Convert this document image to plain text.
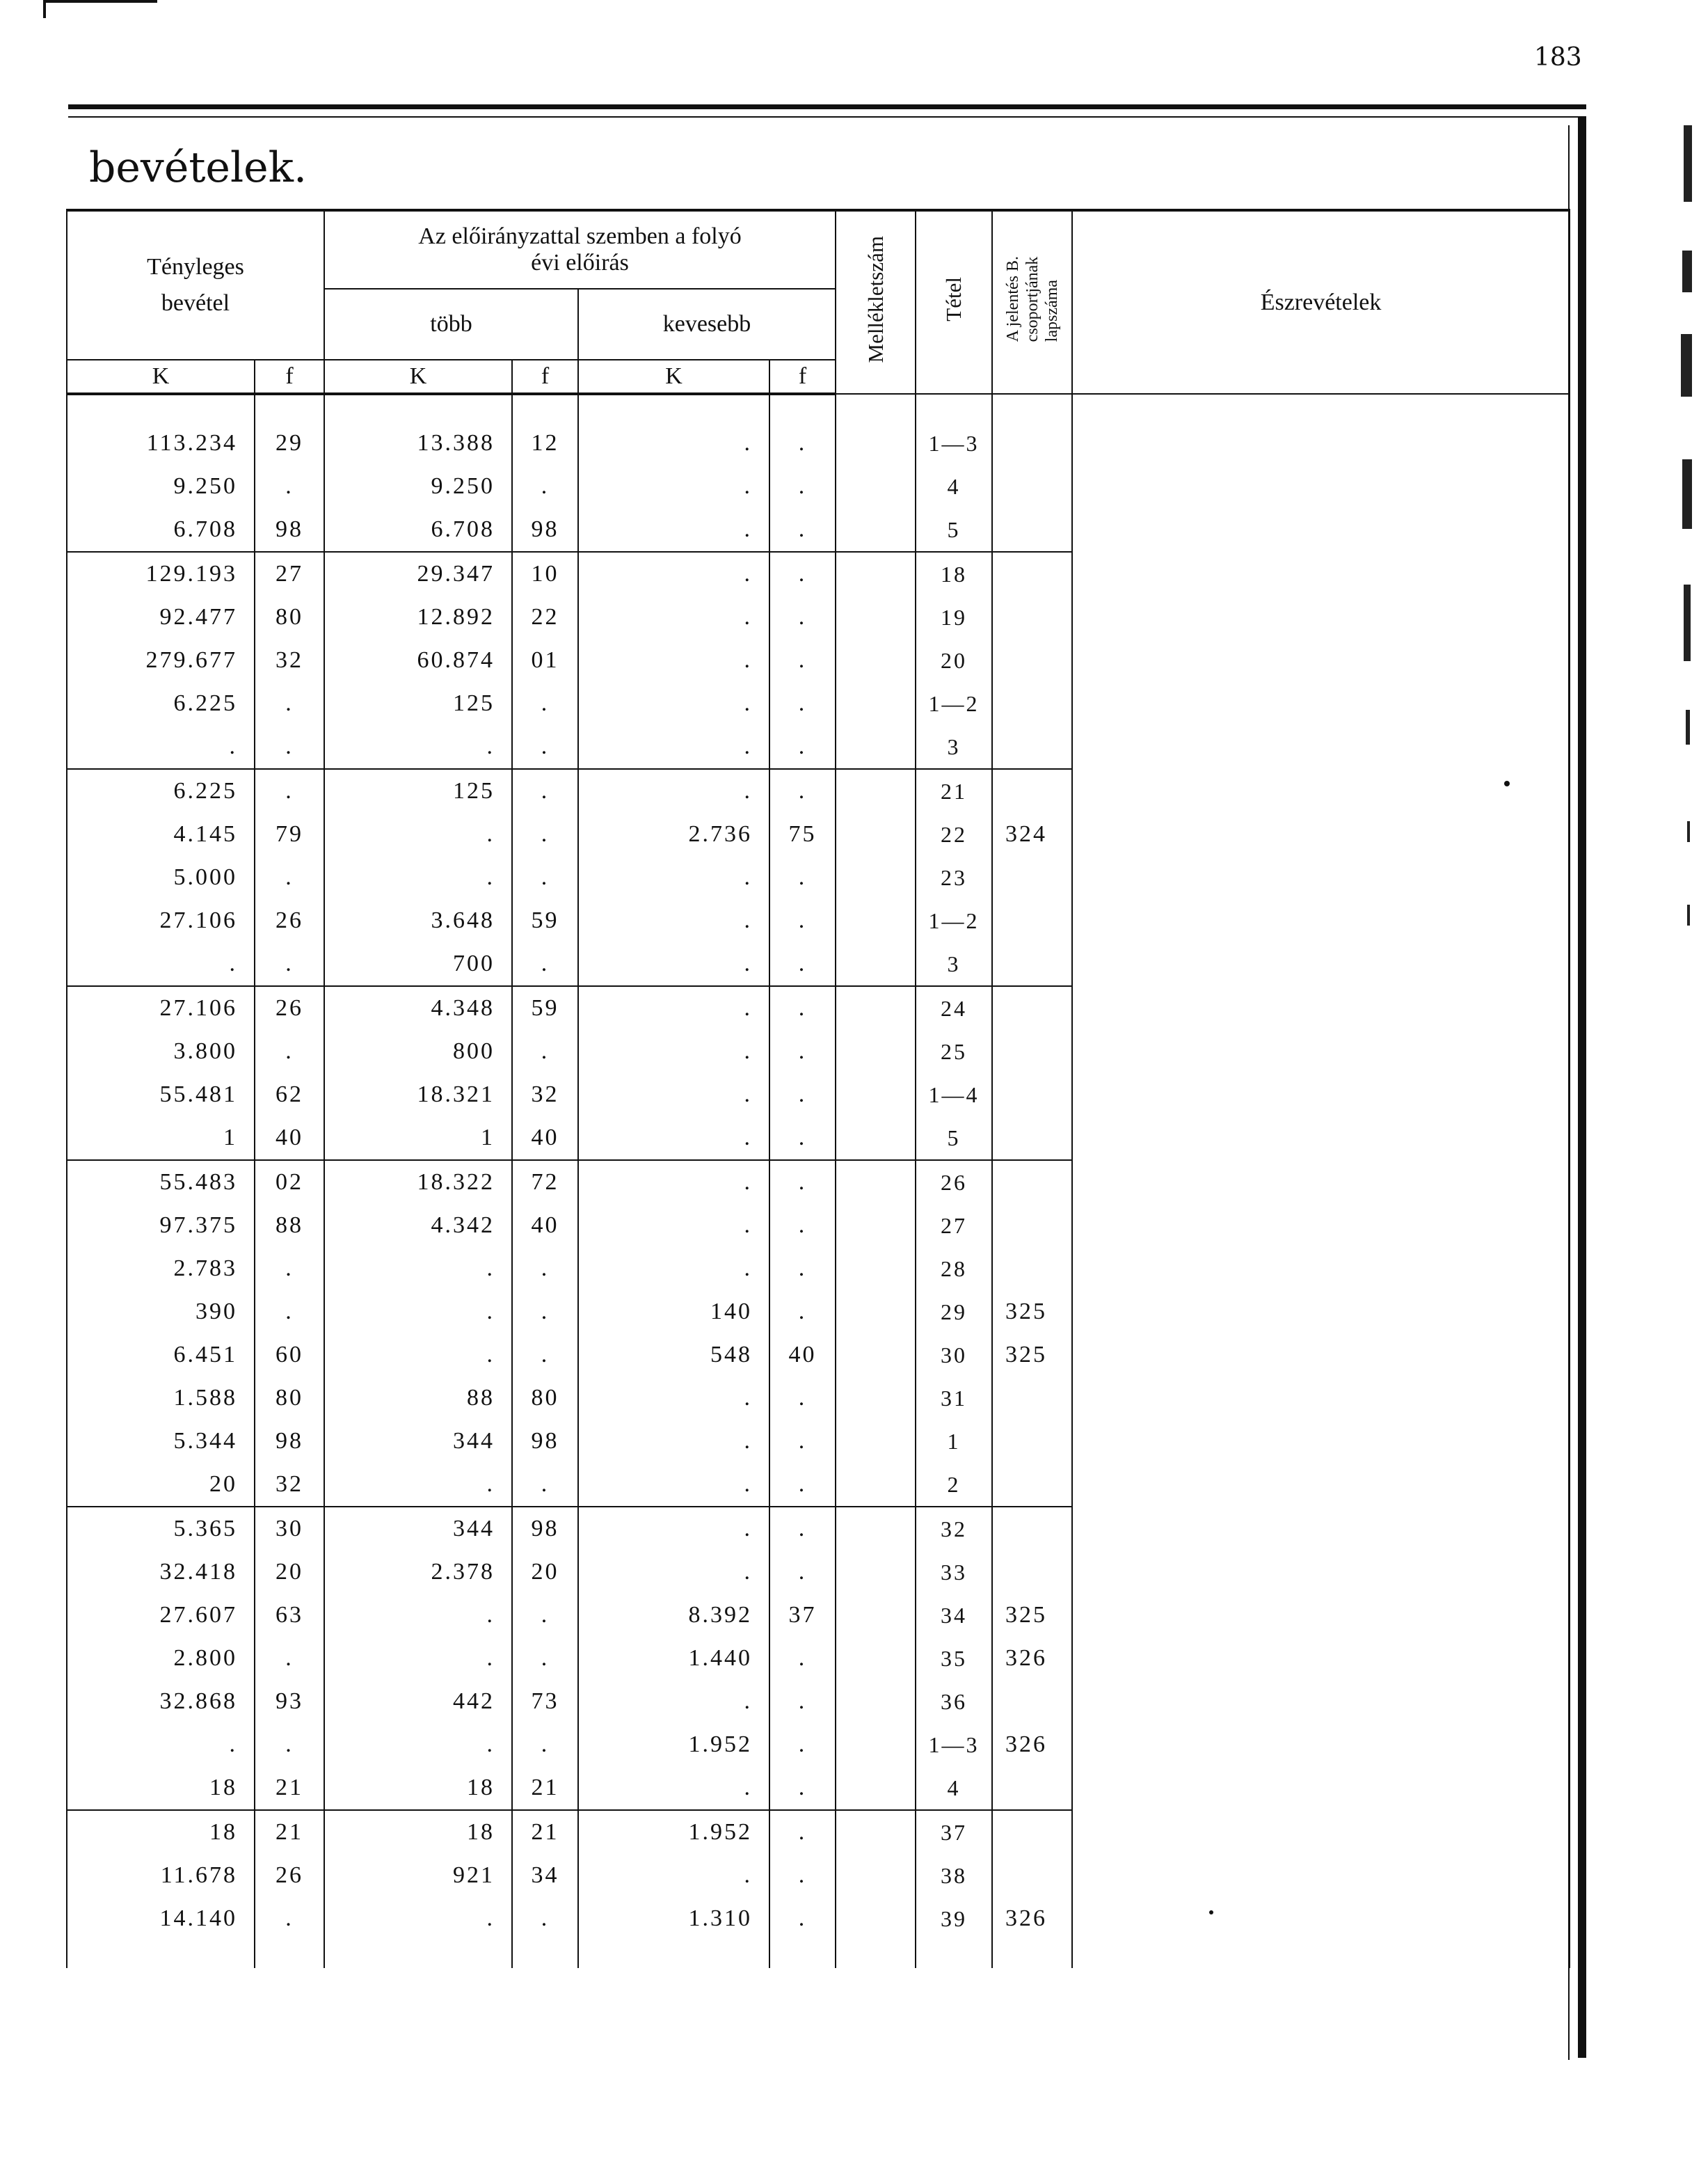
183
bevételek.
Tényleges
bevétel		Az előirányzattal szemben a folyó
évi előirás				Mellékletszám	Tétel	A jelentés B.
csoportjának
lapszáma	Észrevételek
		több		kevesebb					
K	f	K	f	K	f				
113.234	29	13.388	12	.	.		1—3		
9.250	.	9.250	.	.	.		4		
6.708	98	6.708	98	.	.		5		
129.193	27	29.347	10	.	.		18		
92.477	80	12.892	22	.	.		19		
279.677	32	60.874	01	.	.		20		
6.225	.	125	.	.	.		1—2		
.	.	.	.	.	.		3		
6.225	.	125	.	.	.		21		
4.145	79	.	.	2.736	75		22	324	
5.000	.	.	.	.	.		23		
27.106	26	3.648	59	.	.		1—2		
.	.	700	.	.	.		3		
27.106	26	4.348	59	.	.		24		
3.800	.	800	.	.	.		25		
55.481	62	18.321	32	.	.		1—4		
1	40	1	40	.	.		5		
55.483	02	18.322	72	.	.		26		
97.375	88	4.342	40	.	.		27		
2.783	.	.	.	.	.		28		
390	.	.	.	140	.		29	325	
6.451	60	.	.	548	40		30	325	
1.588	80	88	80	.	.		31		
5.344	98	344	98	.	.		1		
20	32	.	.	.	.		2		
5.365	30	344	98	.	.		32		
32.418	20	2.378	20	.	.		33		
27.607	63	.	.	8.392	37		34	325	
2.800	.	.	.	1.440	.		35	326	
32.868	93	442	73	.	.		36		
.	.	.	.	1.952	.		1—3	326	
18	21	18	21	.	.		4		
18	21	18	21	1.952	.		37		
11.678	26	921	34	.	.		38		
14.140	.	.	.	1.310	.		39	326	
